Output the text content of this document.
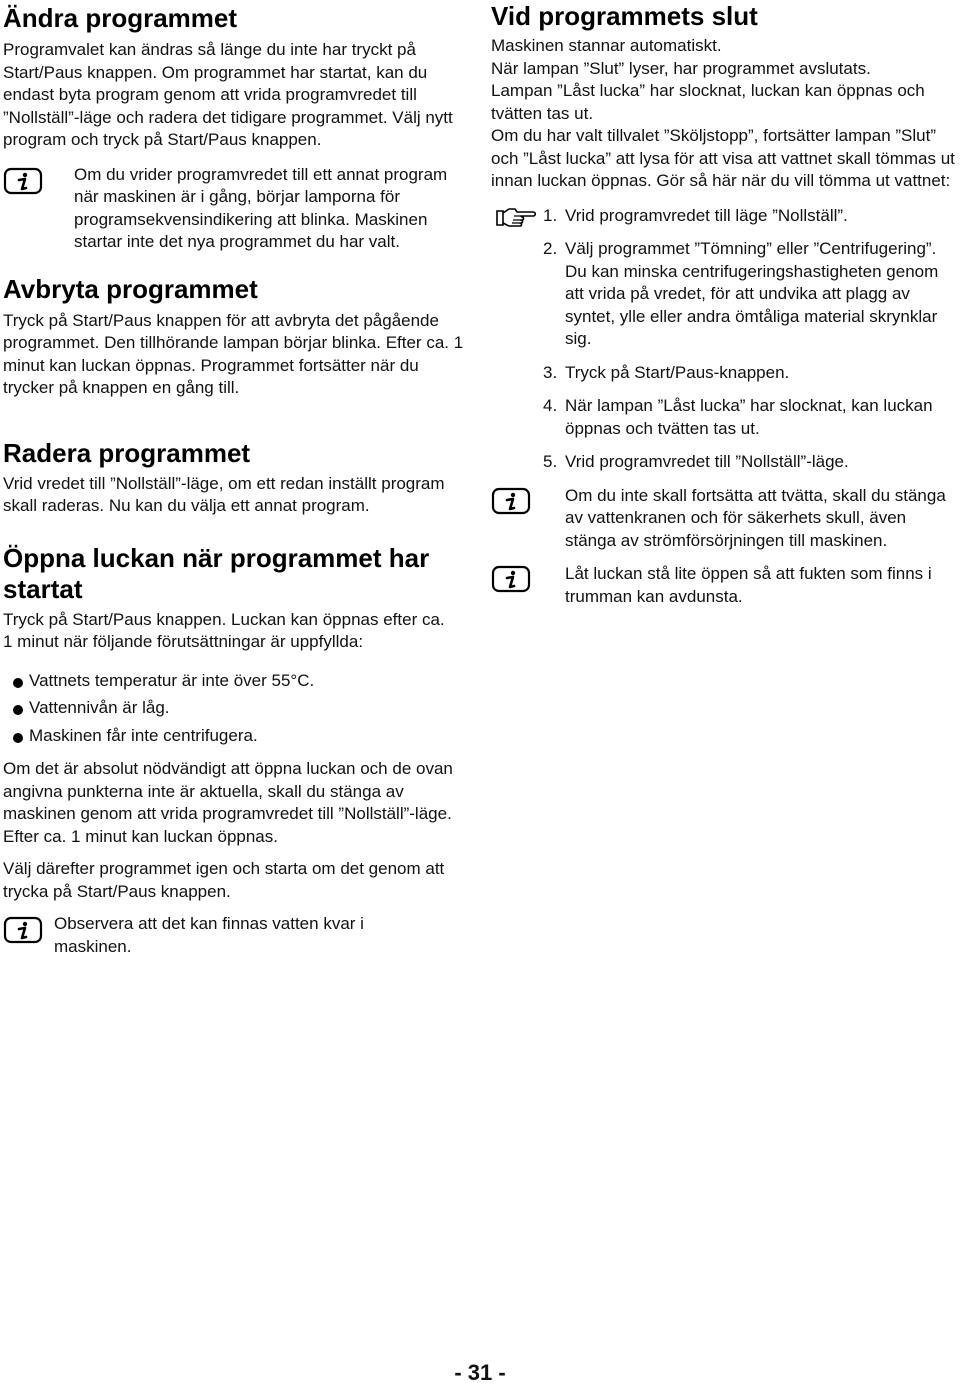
Ändra programmet

Programvalet kan ändras så länge du inte har tryckt på Start/Paus knappen. Om programmet har startat, kan du endast byta program genom att vrida programvredet till ”Nollställ”-läge och radera det tidigare programmet. Välj nytt program och tryck på Start/Paus knappen.

Om du vrider programvredet till ett annat program när maskinen är i gång, börjar lamporna för programsekvensindikering att blinka. Maskinen startar inte det nya programmet du har valt.

Avbryta programmet

Tryck på Start/Paus knappen för att avbryta det pågående programmet. Den tillhörande lampan börjar blinka. Efter ca. 1 minut kan luckan öppnas. Programmet fortsätter när du trycker på knappen en gång till.

Radera programmet

Vrid vredet till ”Nollställ”-läge, om ett redan inställt program skall raderas. Nu kan du välja ett annat program.

Öppna luckan när programmet har startat

Tryck på Start/Paus knappen. Luckan kan öppnas efter ca. 1 minut när följande förutsättningar är uppfyllda:

Vattnets temperatur är inte över 55°C.
Vattennivån är låg.
Maskinen får inte centrifugera.

Om det är absolut nödvändigt att öppna luckan och de ovan angivna punkterna inte är aktuella, skall du stänga av maskinen genom att vrida programvredet till ”Nollställ”-läge. Efter ca. 1 minut kan luckan öppnas.

Välj därefter programmet igen och starta om det genom att trycka på Start/Paus knappen.

Observera att det kan finnas vatten kvar i maskinen.

Vid programmets slut

Maskinen stannar automatiskt.

När lampan ”Slut” lyser, har programmet avslutats.

Lampan ”Låst lucka” har slocknat, luckan kan öppnas och tvätten tas ut.

Om du har valt tillvalet ”Sköljstopp”, fortsätter lampan ”Slut” och ”Låst lucka” att lysa för att visa att vattnet skall tömmas ut innan luckan öppnas. Gör så här när du vill tömma ut vattnet:

1. Vrid programvredet till läge ”Nollställ”.
2. Välj programmet ”Tömning” eller ”Centrifugering”. Du kan minska centrifugeringshastigheten genom att vrida på vredet, för att undvika att plagg av syntet, ylle eller andra ömtåliga material skrynklar sig.
3. Tryck på Start/Paus-knappen.
4. När lampan ”Låst lucka” har slocknat, kan luckan öppnas och tvätten tas ut.
5. Vrid programvredet till ”Nollställ”-läge.

Om du inte skall fortsätta att tvätta, skall du stänga av vattenkranen och för säkerhets skull, även stänga av strömförsörjningen till maskinen.

Låt luckan stå lite öppen så att fukten som finns i trumman kan avdunsta.

- 31 -
